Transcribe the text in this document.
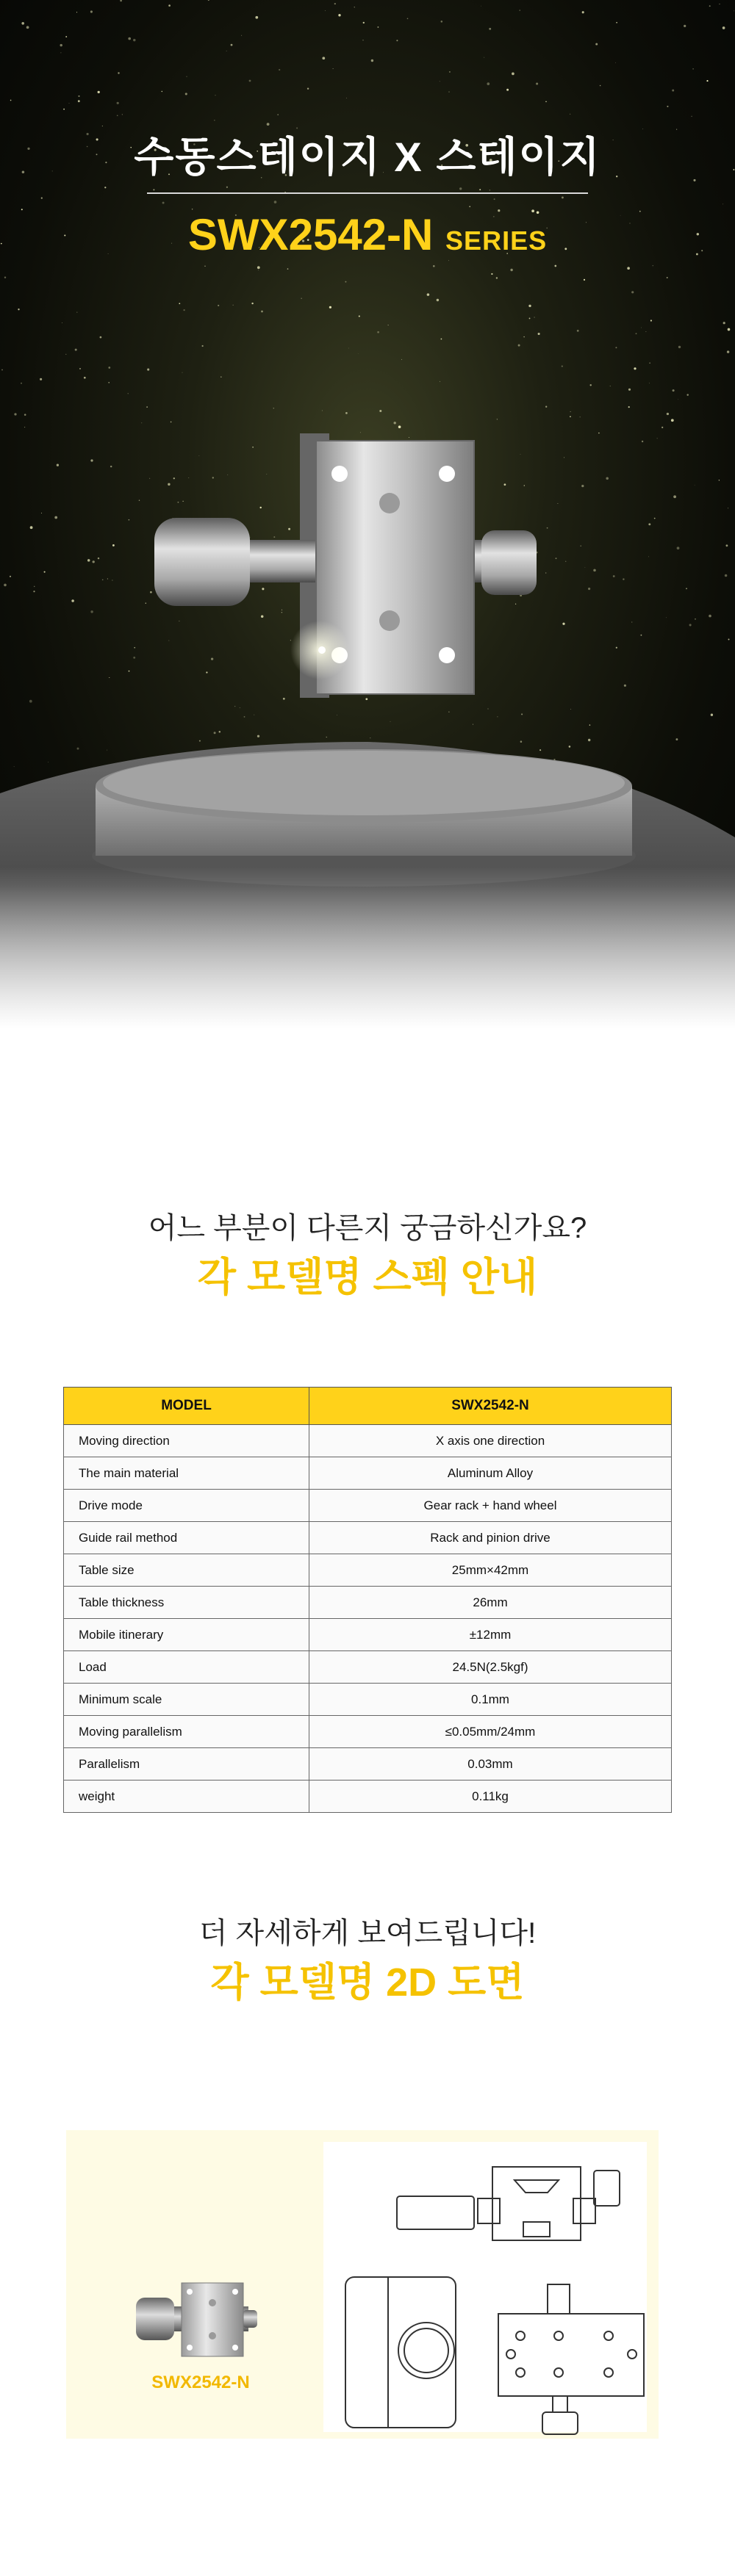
수동스테이지 X 스테이지
SWX2542-N SERIES
어느 부분이 다른지 궁금하신가요?
각 모델명 스펙 안내
MODEL	SWX2542-N
Moving direction	X axis one direction
The main material	Aluminum Alloy
Drive mode	Gear rack + hand wheel
Guide rail method	Rack and pinion drive
Table size	25mm×42mm
Table thickness	26mm
Mobile itinerary	±12mm
Load	24.5N(2.5kgf)
Minimum scale	0.1mm
Moving parallelism	≤0.05mm/24mm
Parallelism	0.03mm
weight	0.11kg
더 자세하게 보여드립니다!
각 모델명 2D 도면
SWX2542-N
